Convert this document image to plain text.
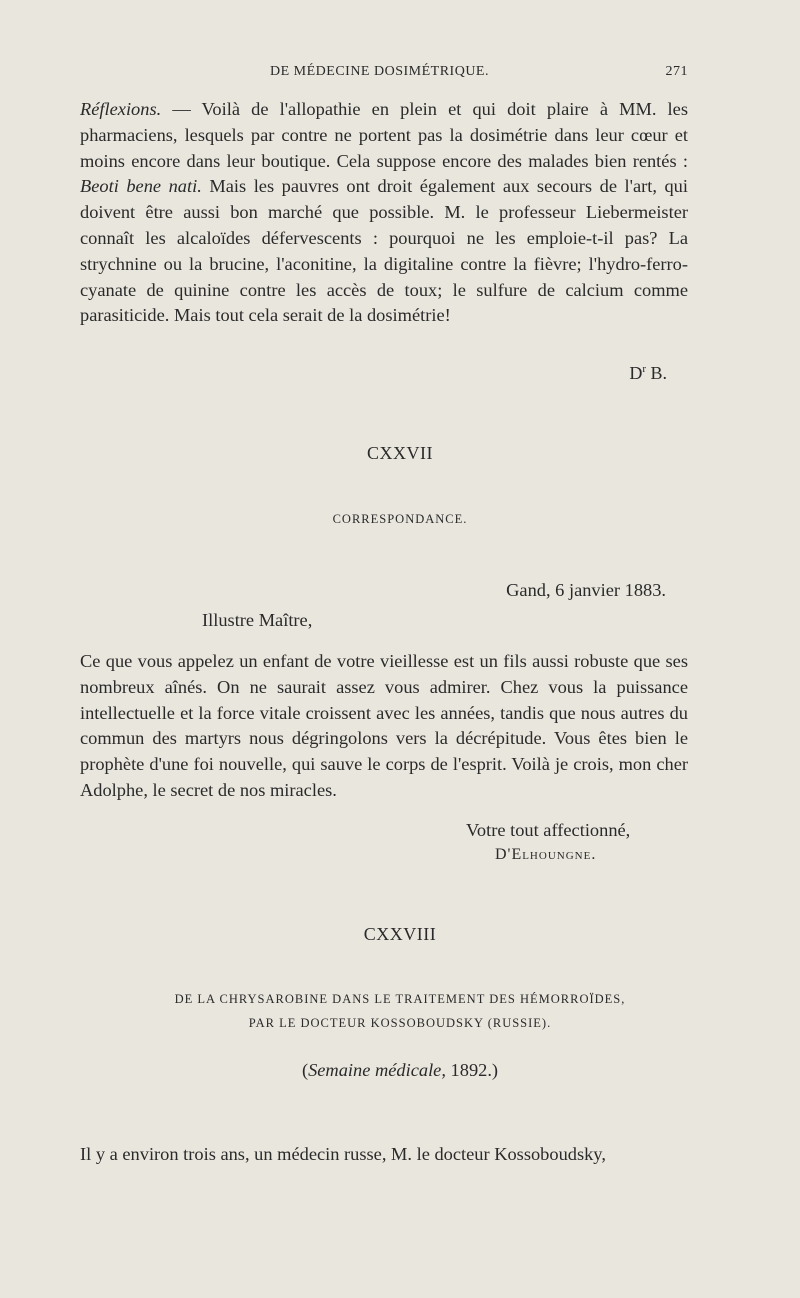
DE MÉDECINE DOSIMÉTRIQUE.	271

Réflexions. — Voilà de l'allopathie en plein et qui doit plaire à MM. les pharmaciens, lesquels par contre ne portent pas la dosimétrie dans leur cœur et moins encore dans leur boutique. Cela suppose encore des malades bien rentés : Beoti bene nati. Mais les pauvres ont droit également aux secours de l'art, qui doivent être aussi bon marché que possible. M. le professeur Liebermeister connaît les alcaloïdes défervescents : pourquoi ne les emploie-t-il pas? La strychnine ou la brucine, l'aconitine, la digitaline contre la fièvre; l'hydro-ferro-cyanate de quinine contre les accès de toux; le sulfure de calcium comme parasiticide. Mais tout cela serait de la dosimétrie!

$D^r$ B.
CXXVII
CORRESPONDANCE.
Gand, 6 janvier 1883.
Illustre Maître,

Ce que vous appelez un enfant de votre vieillesse est un fils aussi robuste que ses nombreux aînés. On ne saurait assez vous admirer. Chez vous la puissance intellectuelle et la force vitale croissent avec les années, tandis que nous autres du commun des martyrs nous dégringolons vers la décrépitude. Vous êtes bien le prophète d'une foi nouvelle, qui sauve le corps de l'esprit. Voilà je crois, mon cher Adolphe, le secret de nos miracles.

Votre tout affectionné,
D'Elhoungne.
CXXVIII
DE LA CHRYSAROBINE DANS LE TRAITEMENT DES HÉMORROÏDES,
PAR LE DOCTEUR KOSSOBOUDSKY (RUSSIE).
(Semaine médicale, 1892.)

Il y a environ trois ans, un médecin russe, M. le docteur Kossoboudsky,
